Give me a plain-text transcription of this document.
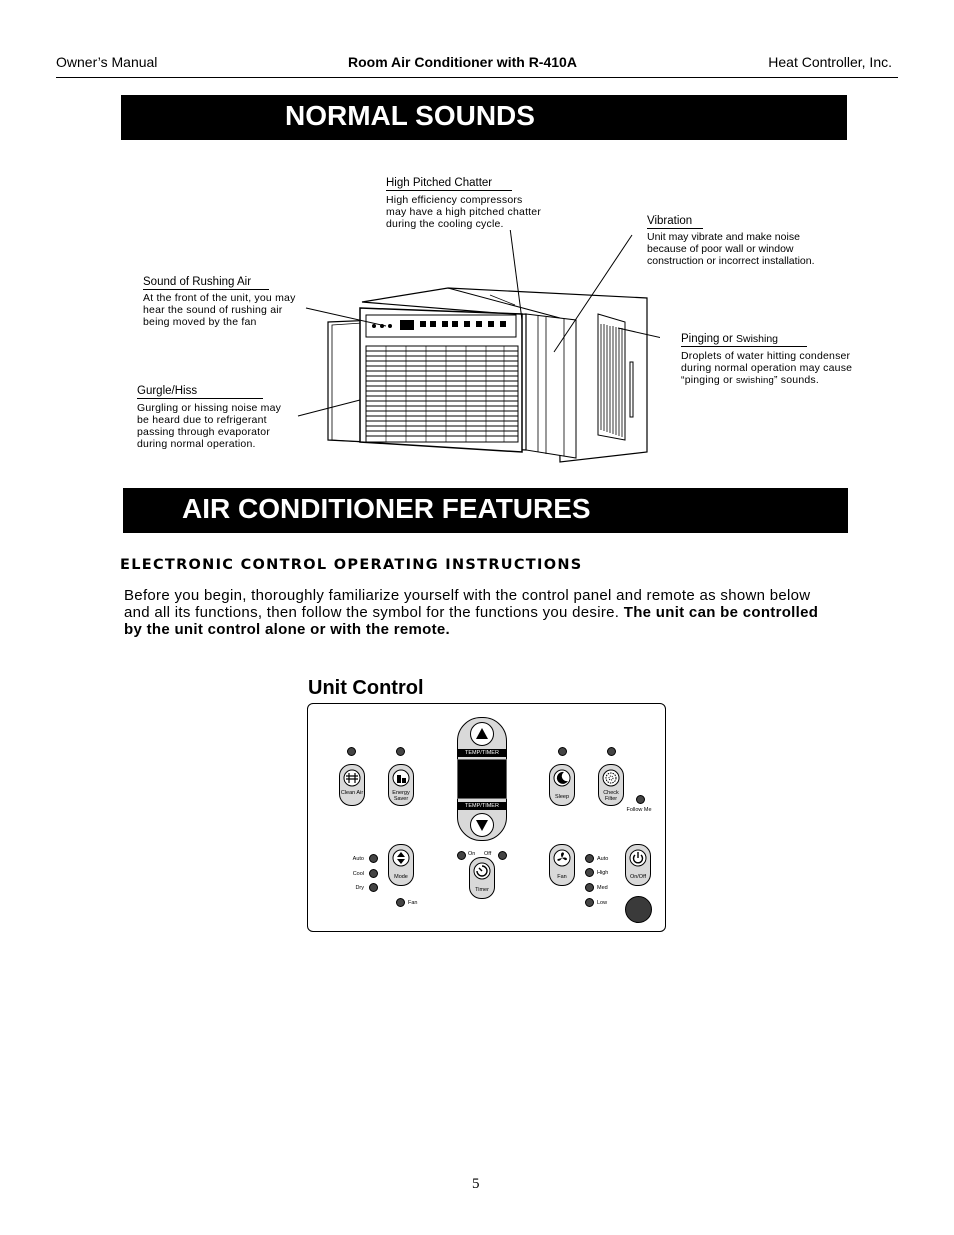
Owner’s Manual	Room Air Conditioner with R-410A	Heat Controller, Inc.
NORMAL SOUNDS
High Pitched Chatter
High efficiency compressors
may have a high pitched chatter
during the cooling cycle.	Vibration
Unit may vibrate and make noise
because of poor wall or window
construction or incorrect installation.
Sound of Rushing Air
At the front of the unit, you may
hear the sound of rushing air
being moved by the fan
Pinging or Swishing
Droplets of water hitting condenser
during normal operation may cause
“pinging or swishing” sounds.
Gurgle/Hiss
Gurgling or hissing noise may
be heard due to refrigerant
passing through evaporator
during normal operation.
AIR CONDITIONER FEATURES
ELECTRONIC CONTROL OPERATING INSTRUCTIONS
Before you begin, thoroughly familiarize yourself with the control panel and remote as shown below
and all its functions, then follow the symbol for the functions you desire. The unit can be controlled
by the unit control alone or with the remote.
Unit Control
Clean Air	Energy Saver
TEMP/TIMER
TEMP/TIMER
Sleep
Check Filter
Follow Me
Auto
Cool
Dry
Fan
Mode
On	Off
Timer
Fan
Auto
High
Med
Low
On/Off
5
